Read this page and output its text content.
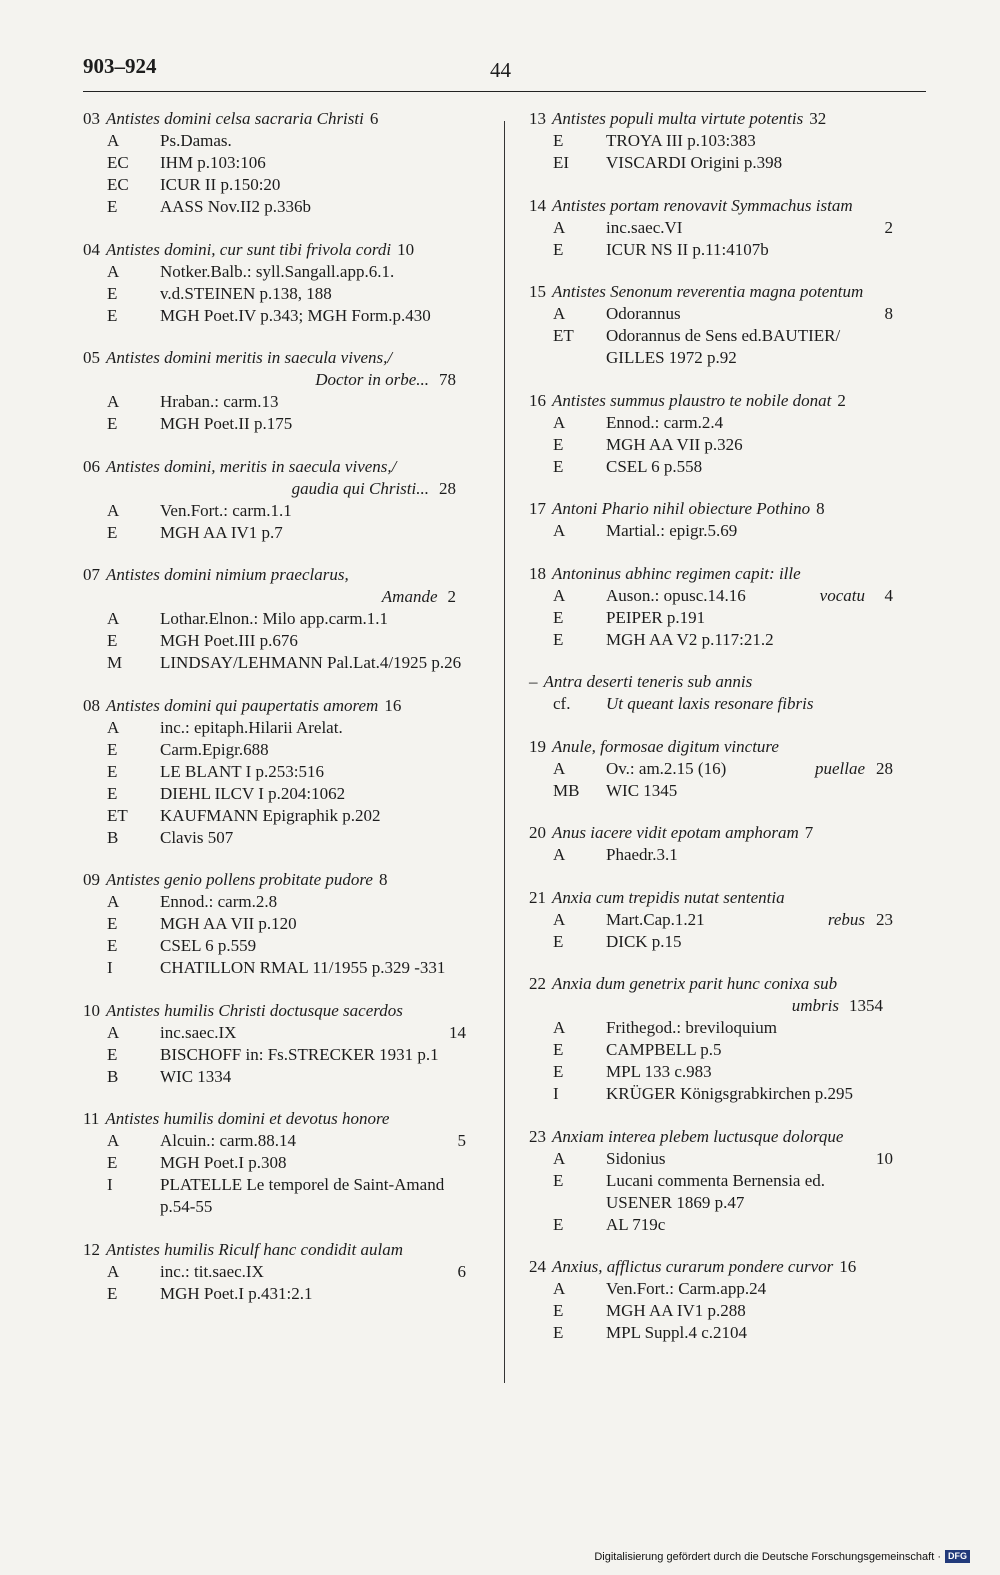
903–924	44
03 Antistes domini celsa sacraria Christi 6
A	Ps.Damas.
EC	IHM p.103:106
EC	ICUR II p.150:20
E	AASS Nov.II2 p.336b
04 Antistes domini, cur sunt tibi frivola cordi 10
A	Notker.Balb.: syll.Sangall.app.6.1.
E	v.d.STEINEN p.138, 188
E	MGH Poet.IV p.343; MGH Form.p.430
05 Antistes domini meritis in saecula vivens,/
Doctor in orbe... 78
A	Hraban.: carm.13
E	MGH Poet.II p.175
06 Antistes domini, meritis in saecula vivens,/
gaudia qui Christi... 28
A	Ven.Fort.: carm.1.1
E	MGH AA IV1 p.7
07 Antistes domini nimium praeclarus,
Amande 2
A	Lothar.Elnon.: Milo app.carm.1.1
E	MGH Poet.III p.676
M	LINDSAY/LEHMANN Pal.Lat.4/1925 p.26
08 Antistes domini qui paupertatis amorem 16
A	inc.: epitaph.Hilarii Arelat.
E	Carm.Epigr.688
E	LE BLANT I p.253:516
E	DIEHL ILCV I p.204:1062
ET	KAUFMANN Epigraphik p.202
B	Clavis 507
09 Antistes genio pollens probitate pudore 8
A	Ennod.: carm.2.8
E	MGH AA VII p.120
E	CSEL 6 p.559
I	CHATILLON RMAL 11/1955 p.329 -331
10 Antistes humilis Christi doctusque sacerdos
A	inc.saec.IX	14
E	BISCHOFF in: Fs.STRECKER 1931 p.1
B	WIC 1334
11 Antistes humilis domini et devotus honore
A	Alcuin.: carm.88.14	5
E	MGH Poet.I p.308
I	PLATELLE Le temporel de Saint-Amand p.54-55
12 Antistes humilis Riculf hanc condidit aulam
A	inc.: tit.saec.IX	6
E	MGH Poet.I p.431:2.1
13 Antistes populi multa virtute potentis 32
E	TROYA III p.103:383
EI	VISCARDI Origini p.398
14 Antistes portam renovavit Symmachus istam
A	inc.saec.VI	2
E	ICUR NS II p.11:4107b
15 Antistes Senonum reverentia magna potentum
A	Odorannus	8
ET	Odorannus de Sens ed.BAUTIER/ GILLES 1972 p.92
16 Antistes summus plaustro te nobile donat 2
A	Ennod.: carm.2.4
E	MGH AA VII p.326
E	CSEL 6 p.558
17 Antoni Phario nihil obiecture Pothino 8
A	Martial.: epigr.5.69
18 Antoninus abhinc regimen capit: ille
A	Auson.: opusc.14.16	vocatu 4
E	PEIPER p.191
E	MGH AA V2 p.117:21.2
– Antra deserti teneris sub annis
cf.	Ut queant laxis resonare fibris
19 Anule, formosae digitum vincture
A	Ov.: am.2.15 (16)	puellae 28
MB	WIC 1345
20 Anus iacere vidit epotam amphoram 7
A	Phaedr.3.1
21 Anxia cum trepidis nutat sententia
A	Mart.Cap.1.21	rebus 23
E	DICK p.15
22 Anxia dum genetrix parit hunc conixa sub
umbris 1354
A	Frithegod.: breviloquium
E	CAMPBELL p.5
E	MPL 133 c.983
I	KRÜGER Königsgrabkirchen p.295
23 Anxiam interea plebem luctusque dolorque
A	Sidonius	10
E	Lucani commenta Bernensia ed. USENER 1869 p.47
E	AL 719c
24 Anxius, afflictus curarum pondere curvor 16
A	Ven.Fort.: Carm.app.24
E	MGH AA IV1 p.288
E	MPL Suppl.4 c.2104
Digitalisierung gefördert durch die Deutsche Forschungsgemeinschaft · DFG
